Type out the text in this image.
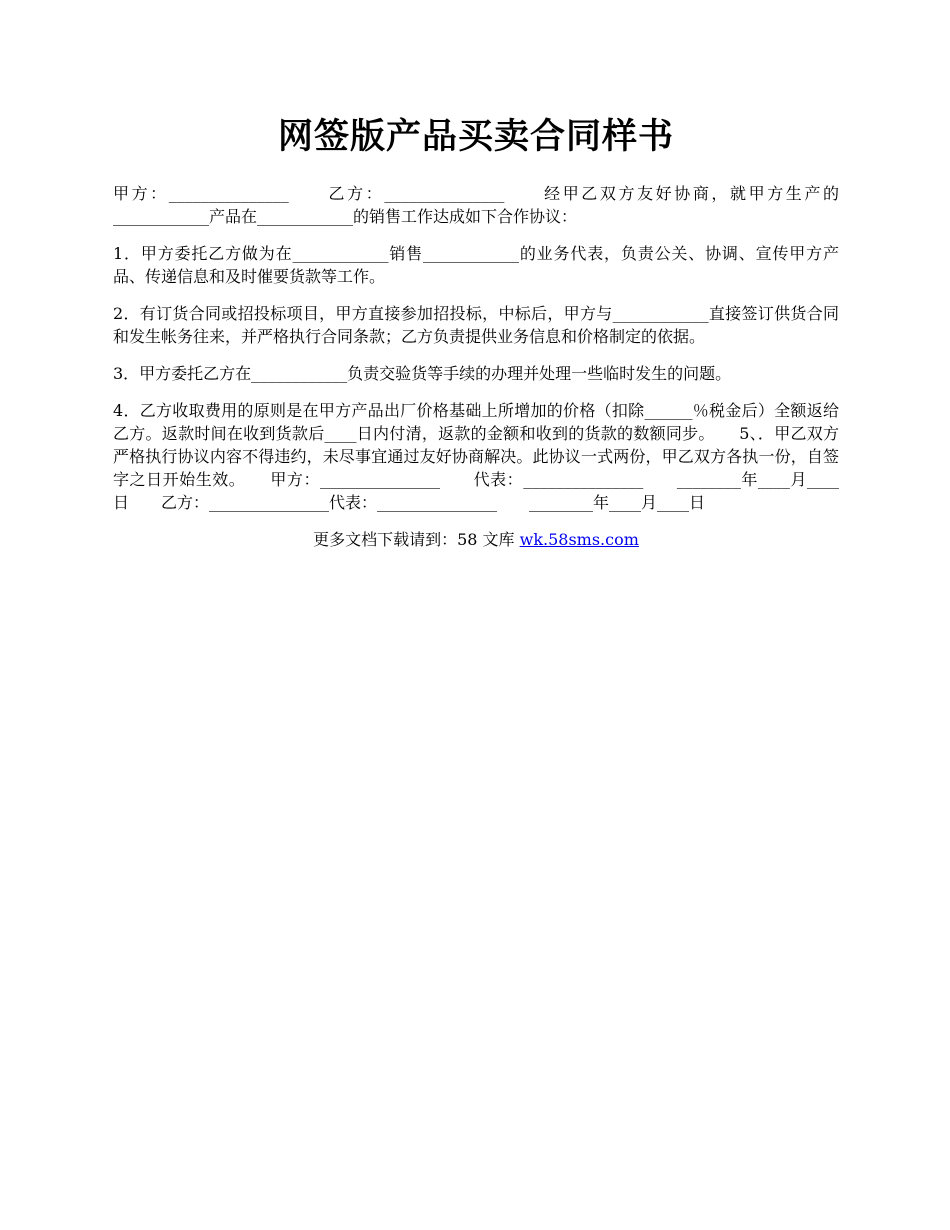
网签版产品买卖合同样书

甲方：_______________　　乙方：_______________　　经甲乙双方友好协商，就甲方生产的____________产品在____________的销售工作达成如下合作协议：

1．甲方委托乙方做为在____________销售____________的业务代表，负责公关、协调、宣传甲方产品、传递信息和及时催要货款等工作。

2．有订货合同或招投标项目，甲方直接参加招投标，中标后，甲方与____________直接签订供货合同和发生帐务往来，并严格执行合同条款；乙方负责提供业务信息和价格制定的依据。

3．甲方委托乙方在____________负责交验货等手续的办理并处理一些临时发生的问题。

4．乙方收取费用的原则是在甲方产品出厂价格基础上所增加的价格（扣除______％税金后）全额返给乙方。返款时间在收到货款后____日内付清，返款的金额和收到的货款的数额同步。　　5、．甲乙双方严格执行协议内容不得违约，未尽事宜通过友好协商解决。此协议一式两份，甲乙双方各执一份，自签字之日开始生效。　　甲方：_______________　　代表：_______________　　________年____月____日　　乙方：_______________代表：_______________　　________年____月____日

更多文档下载请到：58 文库 wk.58sms.com
